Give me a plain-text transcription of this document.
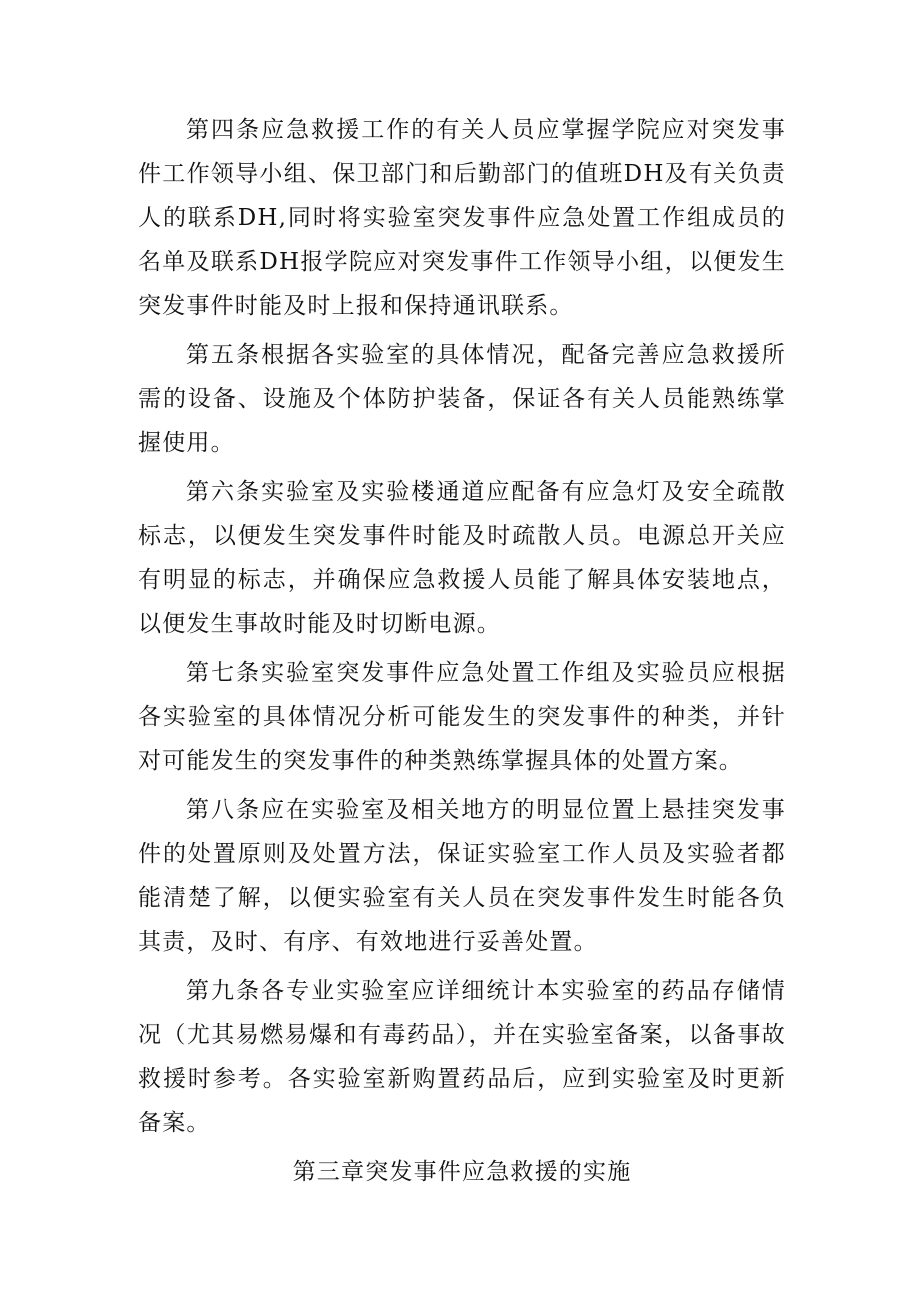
第四条应急救援工作的有关人员应掌握学院应对突发事件工作领导小组、保卫部门和后勤部门的值班DH及有关负责人的联系DH,同时将实验室突发事件应急处置工作组成员的名单及联系DH报学院应对突发事件工作领导小组，以便发生突发事件时能及时上报和保持通讯联系。

第五条根据各实验室的具体情况，配备完善应急救援所需的设备、设施及个体防护装备，保证各有关人员能熟练掌握使用。

第六条实验室及实验楼通道应配备有应急灯及安全疏散标志，以便发生突发事件时能及时疏散人员。电源总开关应有明显的标志，并确保应急救援人员能了解具体安装地点，以便发生事故时能及时切断电源。

第七条实验室突发事件应急处置工作组及实验员应根据各实验室的具体情况分析可能发生的突发事件的种类，并针对可能发生的突发事件的种类熟练掌握具体的处置方案。

第八条应在实验室及相关地方的明显位置上悬挂突发事件的处置原则及处置方法，保证实验室工作人员及实验者都能清楚了解，以便实验室有关人员在突发事件发生时能各负其责，及时、有序、有效地进行妥善处置。

第九条各专业实验室应详细统计本实验室的药品存储情况（尤其易燃易爆和有毒药品），并在实验室备案，以备事故救援时参考。各实验室新购置药品后，应到实验室及时更新备案。

第三章突发事件应急救援的实施
